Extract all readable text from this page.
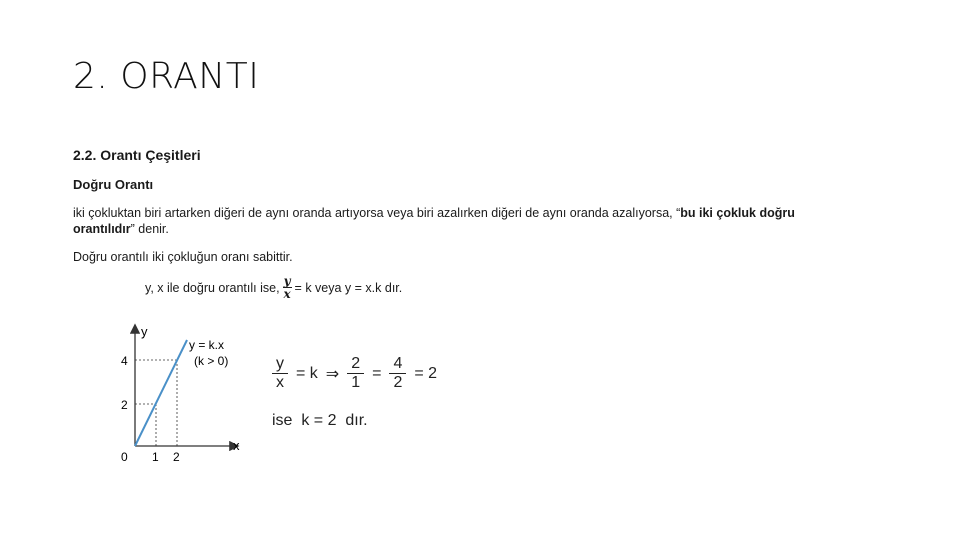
2. ORANTI
2.2. Orantı Çeşitleri
Doğru Orantı
iki çokluktan biri artarken diğeri de aynı oranda artıyorsa veya biri azalırken diğeri de aynı oranda azalıyorsa, “bu iki çokluk doğru orantılıdır” denir.
Doğru orantılı iki çokluğun oranı sabittir.
y, x ile doğru orantılı ise, $\frac{y}{x} = k$ veya y = x.k dır.
y
x
4
2
0 1 2
y = k.x
(k > 0)	$\frac{y}{x} = k$ ⇒ $\frac{2}{1} = \frac{4}{2} = 2$
ise k = 2 dır.
